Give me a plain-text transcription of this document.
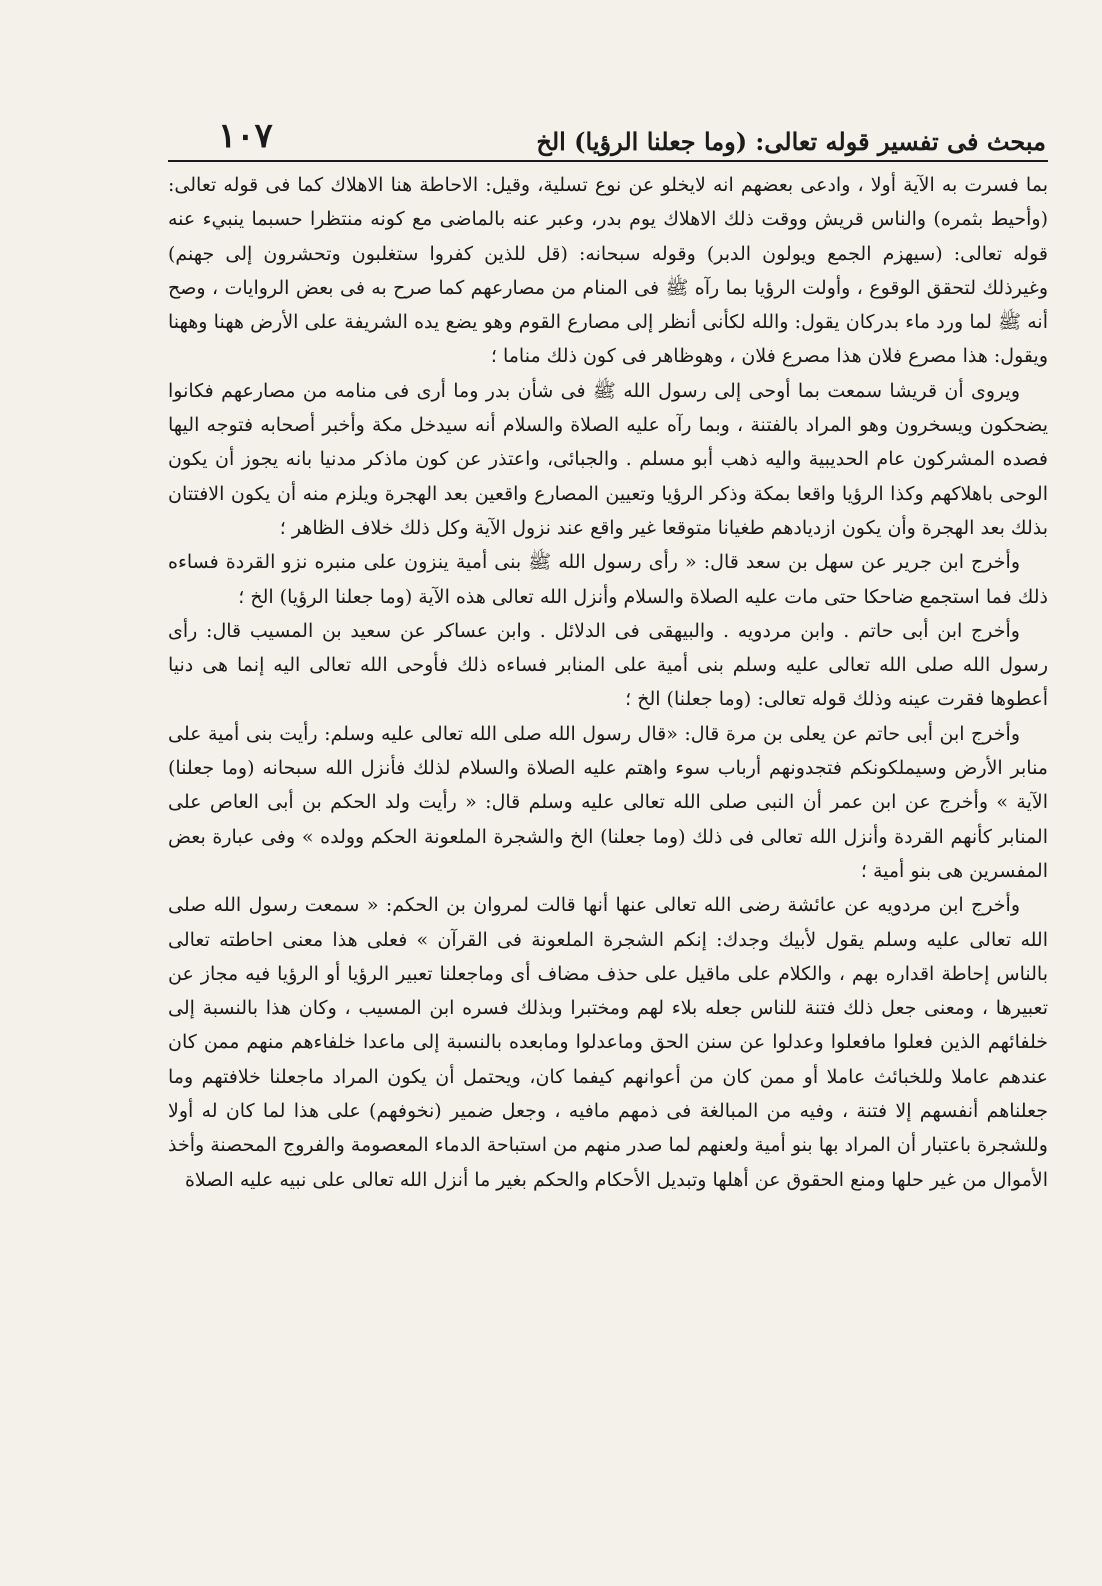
مبحث فى تفسير قوله تعالى: (وما جعلنا الرؤيا) الخ
١٠٧

بما فسرت به الآية أولا ، وادعى بعضهم انه لايخلو عن نوع تسلية، وقيل: الاحاطة هنا الاهلاك كما فى قوله تعالى: (وأحيط بثمره) والناس قريش ووقت ذلك الاهلاك يوم بدر، وعبر عنه بالماضى مع كونه منتظرا حسبما ينبيء عنه قوله تعالى: (سيهزم الجمع ويولون الدبر) وقوله سبحانه: (قل للذين كفروا ستغلبون وتحشرون إلى جهنم) وغيرذلك لتحقق الوقوع ، وأولت الرؤيا بما رآه ﷺ فى المنام من مصارعهم كما صرح به فى بعض الروايات ، وصح أنه ﷺ لما ورد ماء بدركان يقول: والله لكأنى أنظر إلى مصارع القوم وهو يضع يده الشريفة على الأرض ههنا وههنا ويقول: هذا مصرع فلان هذا مصرع فلان ، وهوظاهر فى كون ذلك مناما ؛

ويروى أن قريشا سمعت بما أوحى إلى رسول الله ﷺ فى شأن بدر وما أرى فى منامه من مصارعهم فكانوا يضحكون ويسخرون وهو المراد بالفتنة ، وبما رآه عليه الصلاة والسلام أنه سيدخل مكة وأخبر أصحابه فتوجه اليها فصده المشركون عام الحديبية واليه ذهب أبو مسلم . والجبائى، واعتذر عن كون ماذكر مدنيا بانه يجوز أن يكون الوحى باهلاكهم وكذا الرؤيا واقعا بمكة وذكر الرؤيا وتعيين المصارع واقعين بعد الهجرة ويلزم منه أن يكون الافتتان بذلك بعد الهجرة وأن يكون ازديادهم طغيانا متوقعا غير واقع عند نزول الآية وكل ذلك خلاف الظاهر ؛

وأخرج ابن جرير عن سهل بن سعد قال: « رأى رسول الله ﷺ بنى أمية ينزون على منبره نزو القردة فساءه ذلك فما استجمع ضاحكا حتى مات عليه الصلاة والسلام وأنزل الله تعالى هذه الآية (وما جعلنا الرؤيا) الخ ؛

وأخرج ابن أبى حاتم . وابن مردويه . والبيهقى فى الدلائل . وابن عساكر عن سعيد بن المسيب قال: رأى رسول الله صلى الله تعالى عليه وسلم بنى أمية على المنابر فساءه ذلك فأوحى الله تعالى اليه إنما هى دنيا أعطوها فقرت عينه وذلك قوله تعالى: (وما جعلنا) الخ ؛

وأخرج ابن أبى حاتم عن يعلى بن مرة قال: «قال رسول الله صلى الله تعالى عليه وسلم: رأيت بنى أمية على منابر الأرض وسيملكونكم فتجدونهم أرباب سوء واهتم عليه الصلاة والسلام لذلك فأنزل الله سبحانه (وما جعلنا) الآية » وأخرج عن ابن عمر أن النبى صلى الله تعالى عليه وسلم قال: « رأيت ولد الحكم بن أبى العاص على المنابر كأنهم القردة وأنزل الله تعالى فى ذلك (وما جعلنا) الخ والشجرة الملعونة الحكم وولده » وفى عبارة بعض المفسرين هى بنو أمية ؛

وأخرج ابن مردويه عن عائشة رضى الله تعالى عنها أنها قالت لمروان بن الحكم: « سمعت رسول الله صلى الله تعالى عليه وسلم يقول لأبيك وجدك: إنكم الشجرة الملعونة فى القرآن » فعلى هذا معنى احاطته تعالى بالناس إحاطة اقداره بهم ، والكلام على ماقيل على حذف مضاف أى وماجعلنا تعبير الرؤيا أو الرؤيا فيه مجاز عن تعبيرها ، ومعنى جعل ذلك فتنة للناس جعله بلاء لهم ومختبرا وبذلك فسره ابن المسيب ، وكان هذا بالنسبة إلى خلفائهم الذين فعلوا مافعلوا وعدلوا عن سنن الحق وماعدلوا ومابعده بالنسبة إلى ماعدا خلفاءهم منهم ممن كان عندهم عاملا وللخبائث عاملا أو ممن كان من أعوانهم كيفما كان، ويحتمل أن يكون المراد ماجعلنا خلافتهم وما جعلناهم أنفسهم إلا فتنة ، وفيه من المبالغة فى ذمهم مافيه ، وجعل ضمير (نخوفهم) على هذا لما كان له أولا وللشجرة باعتبار أن المراد بها بنو أمية ولعنهم لما صدر منهم من استباحة الدماء المعصومة والفروج المحصنة وأخذ الأموال من غير حلها ومنع الحقوق عن أهلها وتبديل الأحكام والحكم بغير ما أنزل الله تعالى على نبيه عليه الصلاة
